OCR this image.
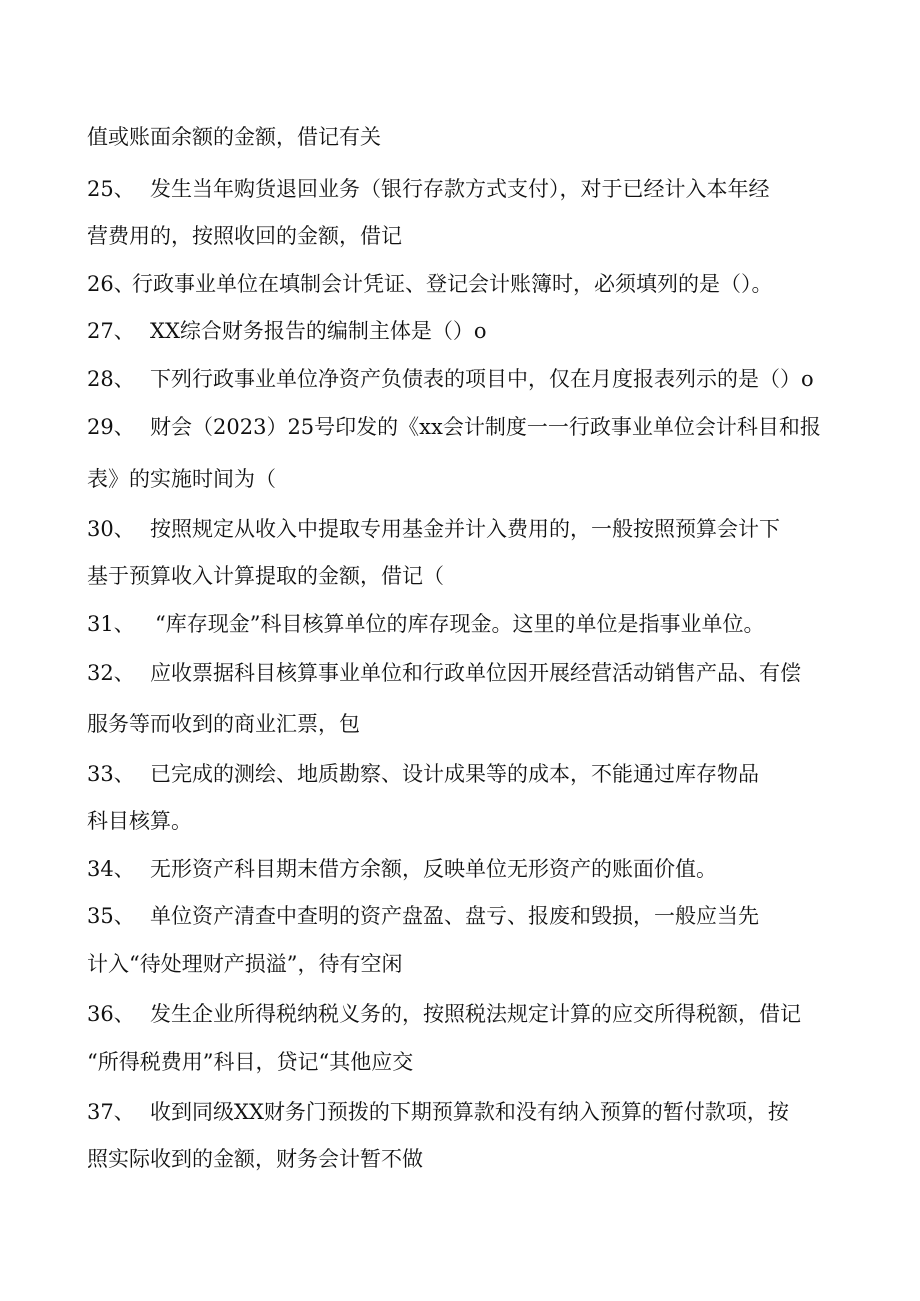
值或账面余额的金额，借记有关
25、 发生当年购货退回业务（银行存款方式支付），对于已经计入本年经
营费用的，按照收回的金额，借记
26、
行政事业单位在填制会计凭证、登记会计账簿时，必须填列的是（）。
27、 XX综合财务报告的编制主体是（）o
28、 下列行政事业单位净资产负债表的项目中，仅在月度报表列示的是（）o
29、 财会（2023）25号印发的《xx会计制度一一行政事业单位会计科目和报
表》的实施时间为（
30、 按照规定从收入中提取专用基金并计入费用的，一般按照预算会计下
基于预算收入计算提取的金额，借记（
31、 “库存现金”科目核算单位的库存现金。这里的单位是指事业单位。
32、 应收票据科目核算事业单位和行政单位因开展经营活动销售产品、有偿
服务等而收到的商业汇票，包
33、 已完成的测绘、地质勘察、设计成果等的成本，不能通过库存物品
科目核算。
34、 无形资产科目期末借方余额，反映单位无形资产的账面价值。
35、 单位资产清查中查明的资产盘盈、盘亏、报废和毁损，一般应当先
计入“待处理财产损溢”，待有空闲
36、 发生企业所得税纳税义务的，按照税法规定计算的应交所得税额，借记
“所得税费用”科目，贷记“其他应交
37、 收到同级XX财务门预拨的下期预算款和没有纳入预算的暂付款项，按
照实际收到的金额，财务会计暂不做
